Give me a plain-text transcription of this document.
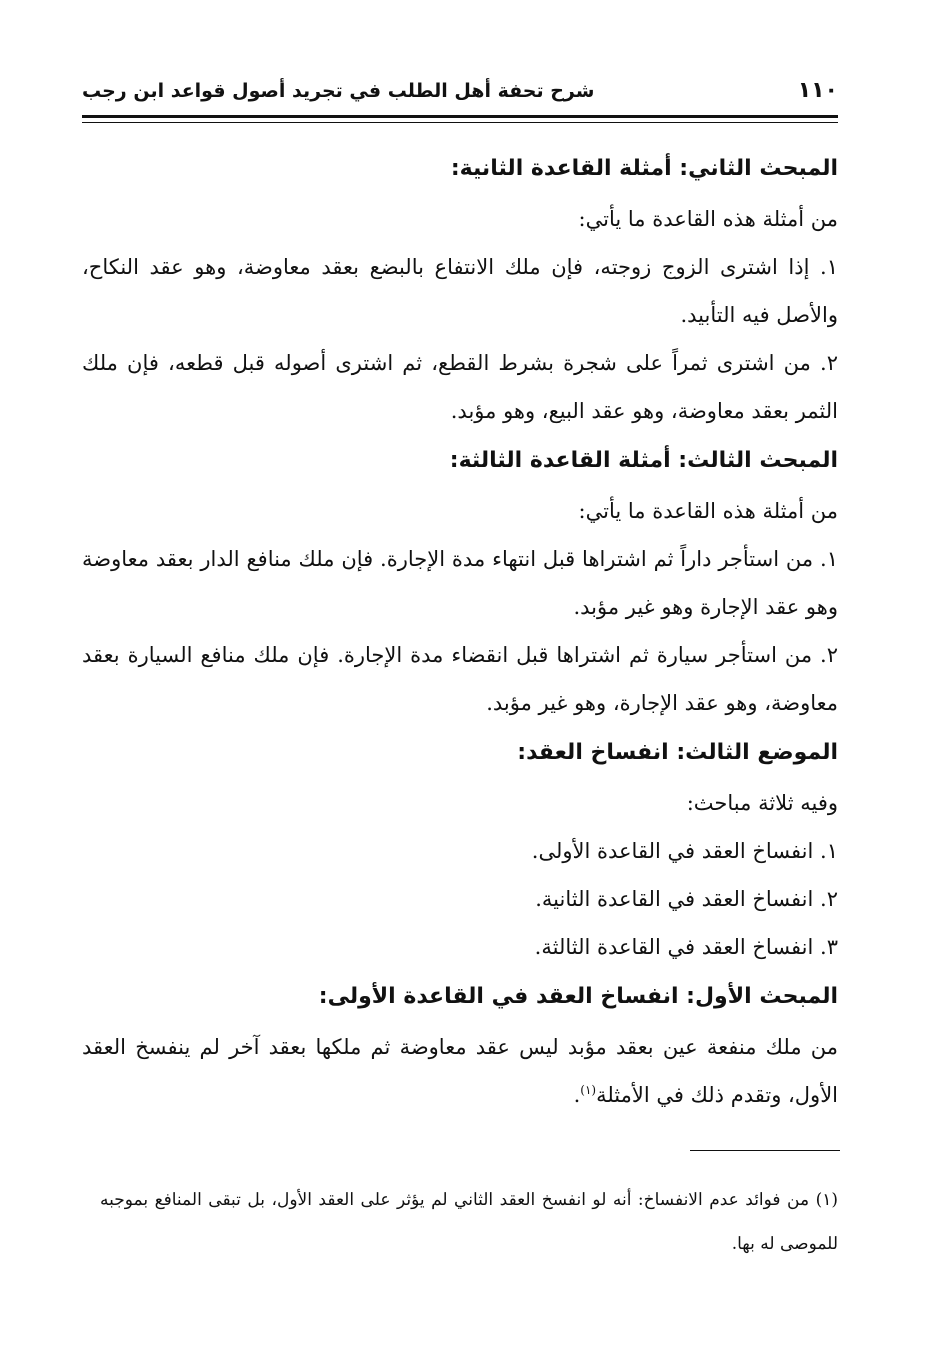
١١٠
شرح تحفة أهل الطلب في تجريد أصول قواعد ابن رجب

المبحث الثاني: أمثلة القاعدة الثانية:

من أمثلة هذه القاعدة ما يأتي:

١. إذا اشترى الزوج زوجته، فإن ملك الانتفاع بالبضع بعقد معاوضة، وهو عقد النكاح، والأصل فيه التأبيد.

٢. من اشترى ثمراً على شجرة بشرط القطع، ثم اشترى أصوله قبل قطعه، فإن ملك الثمر بعقد معاوضة، وهو عقد البيع، وهو مؤبد.

المبحث الثالث: أمثلة القاعدة الثالثة:

من أمثلة هذه القاعدة ما يأتي:

١. من استأجر داراً ثم اشتراها قبل انتهاء مدة الإجارة. فإن ملك منافع الدار بعقد معاوضة وهو عقد الإجارة وهو غير مؤبد.

٢. من استأجر سيارة ثم اشتراها قبل انقضاء مدة الإجارة. فإن ملك منافع السيارة بعقد معاوضة، وهو عقد الإجارة، وهو غير مؤبد.

الموضع الثالث: انفساخ العقد:

وفيه ثلاثة مباحث:

١. انفساخ العقد في القاعدة الأولى.

٢. انفساخ العقد في القاعدة الثانية.

٣. انفساخ العقد في القاعدة الثالثة.

المبحث الأول: انفساخ العقد في القاعدة الأولى:

من ملك منفعة عين بعقد مؤبد ليس عقد معاوضة ثم ملكها بعقد آخر لم ينفسخ العقد الأول، وتقدم ذلك في الأمثلة$^{(١)}$.

(١) من فوائد عدم الانفساخ: أنه لو انفسخ العقد الثاني لم يؤثر على العقد الأول، بل تبقى المنافع بموجبه للموصى له بها.
